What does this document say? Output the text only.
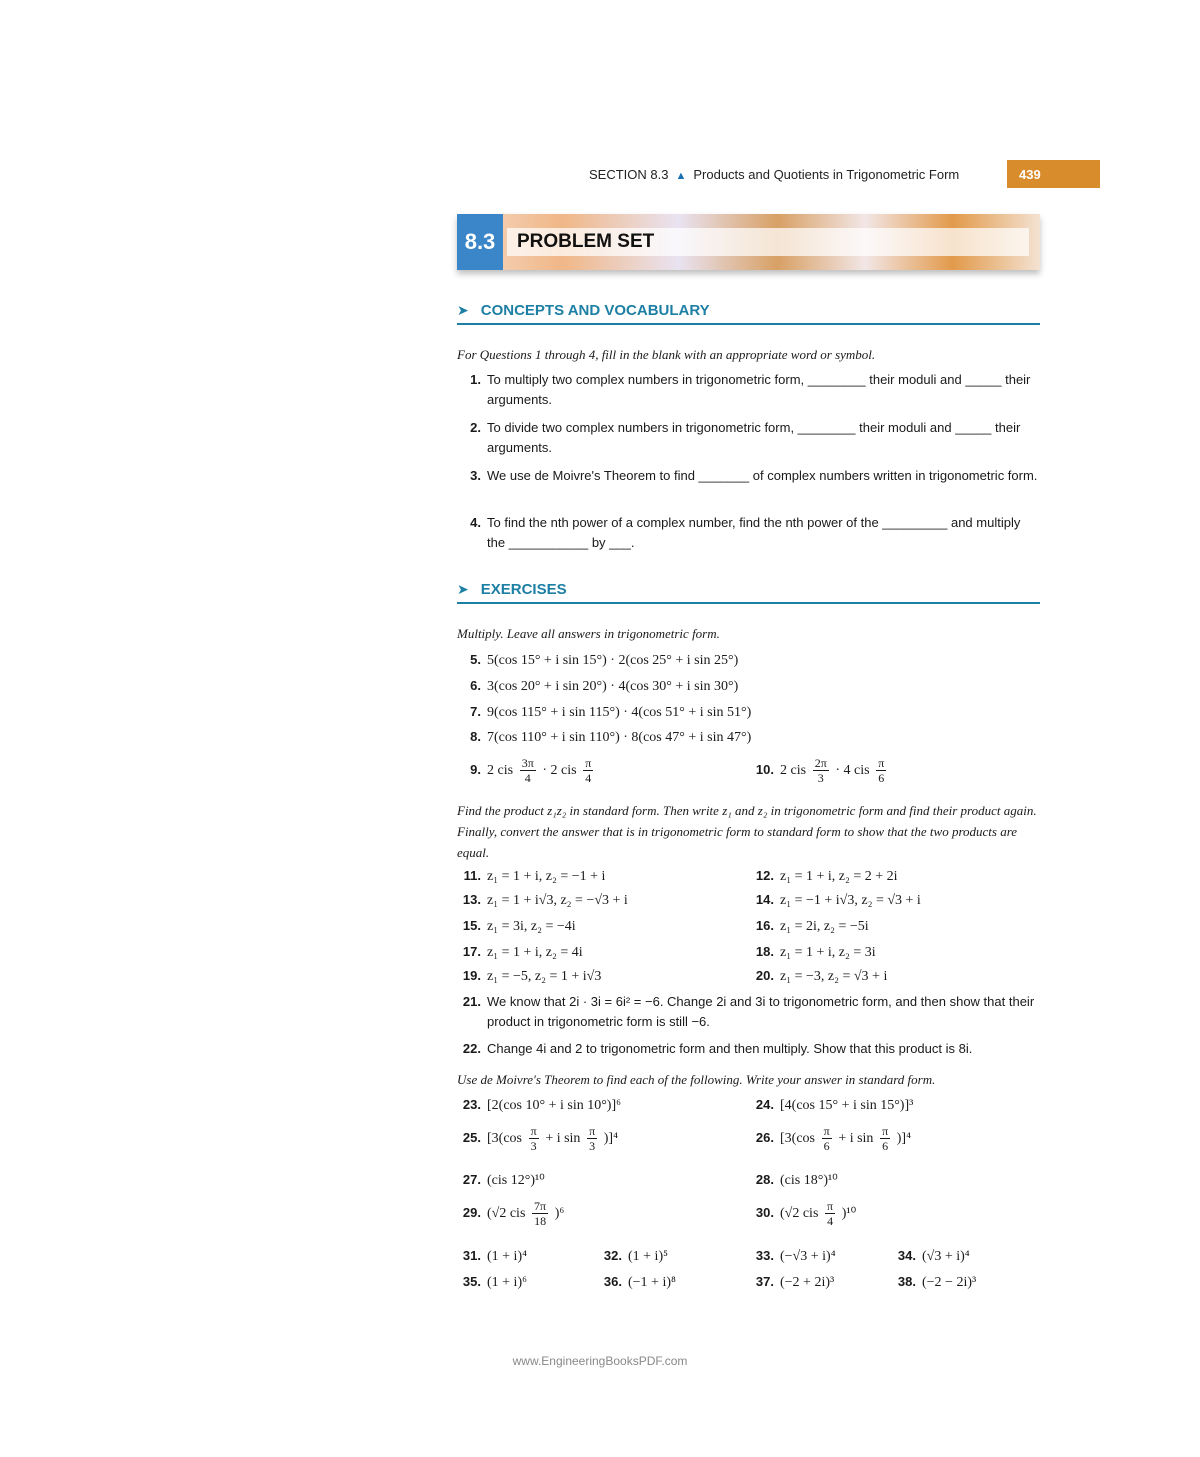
SECTION 8.3 ▲ Products and Quotients in Trigonometric Form	439
8.3	PROBLEM SET
➤ CONCEPTS AND VOCABULARY
For Questions 1 through 4, fill in the blank with an appropriate word or symbol.
1. To multiply two complex numbers in trigonometric form, ________ their moduli and _____ their arguments.
2. To divide two complex numbers in trigonometric form, ________ their moduli and _____ their arguments.
3. We use de Moivre's Theorem to find _______ of complex numbers written in trigonometric form.
4. To find the nth power of a complex number, find the nth power of the _________ and multiply the ___________ by ___.
➤ EXERCISES
Multiply. Leave all answers in trigonometric form.
5. 5(cos 15° + i sin 15°) · 2(cos 25° + i sin 25°)
6. 3(cos 20° + i sin 20°) · 4(cos 30° + i sin 30°)
7. 9(cos 115° + i sin 115°) · 4(cos 51° + i sin 51°)
8. 7(cos 110° + i sin 110°) · 8(cos 47° + i sin 47°)
9. 2 cis $\frac{3\pi}{4} \cdot 2$ cis $\frac{\pi}{4}$	10. 2 cis $\frac{2\pi}{3} \cdot 4$ cis $\frac{\pi}{6}$
Find the product z₁z₂ in standard form. Then write z₁ and z₂ in trigonometric form and find their product again. Finally, convert the answer that is in trigonometric form to standard form to show that the two products are equal.
11. z₁ = 1 + i, z₂ = −1 + i	12. z₁ = 1 + i, z₂ = 2 + 2i
13. z₁ = 1 + i√3, z₂ = −√3 + i	14. z₁ = −1 + i√3, z₂ = √3 + i
15. z₁ = 3i, z₂ = −4i	16. z₁ = 2i, z₂ = −5i
17. z₁ = 1 + i, z₂ = 4i	18. z₁ = 1 + i, z₂ = 3i
19. z₁ = −5, z₂ = 1 + i√3	20. z₁ = −3, z₂ = √3 + i
21. We know that 2i · 3i = 6i² = −6. Change 2i and 3i to trigonometric form, and then show that their product in trigonometric form is still −6.
22. Change 4i and 2 to trigonometric form and then multiply. Show that this product is 8i.
Use de Moivre's Theorem to find each of the following. Write your answer in standard form.
23. [2(cos 10° + i sin 10°)]⁶	24. [4(cos 15° + i sin 15°)]³
25. [$3(\cos \frac{\pi}{3} + i$ $\sin \frac{\pi}{3} )]^4$	26. [$3(\cos \frac{\pi}{6} + i$ $\sin \frac{\pi}{6} )]^4$
27. (cis 12°)¹⁰	28. (cis 18°)¹⁰
29. (√2 cis $\frac{7\pi}{18} )^6$	30. (√2 cis $\frac{\pi}{4} )^{10}$
31. (1 + i)⁴	32. (1 + i)⁵	33. (−√3 + i)⁴	34. (√3 + i)⁴
35. (1 + i)⁶	36. (−1 + i)⁸	37. (−2 + 2i)³	38. (−2 − 2i)³
www.EngineeringBooksPDF.com
